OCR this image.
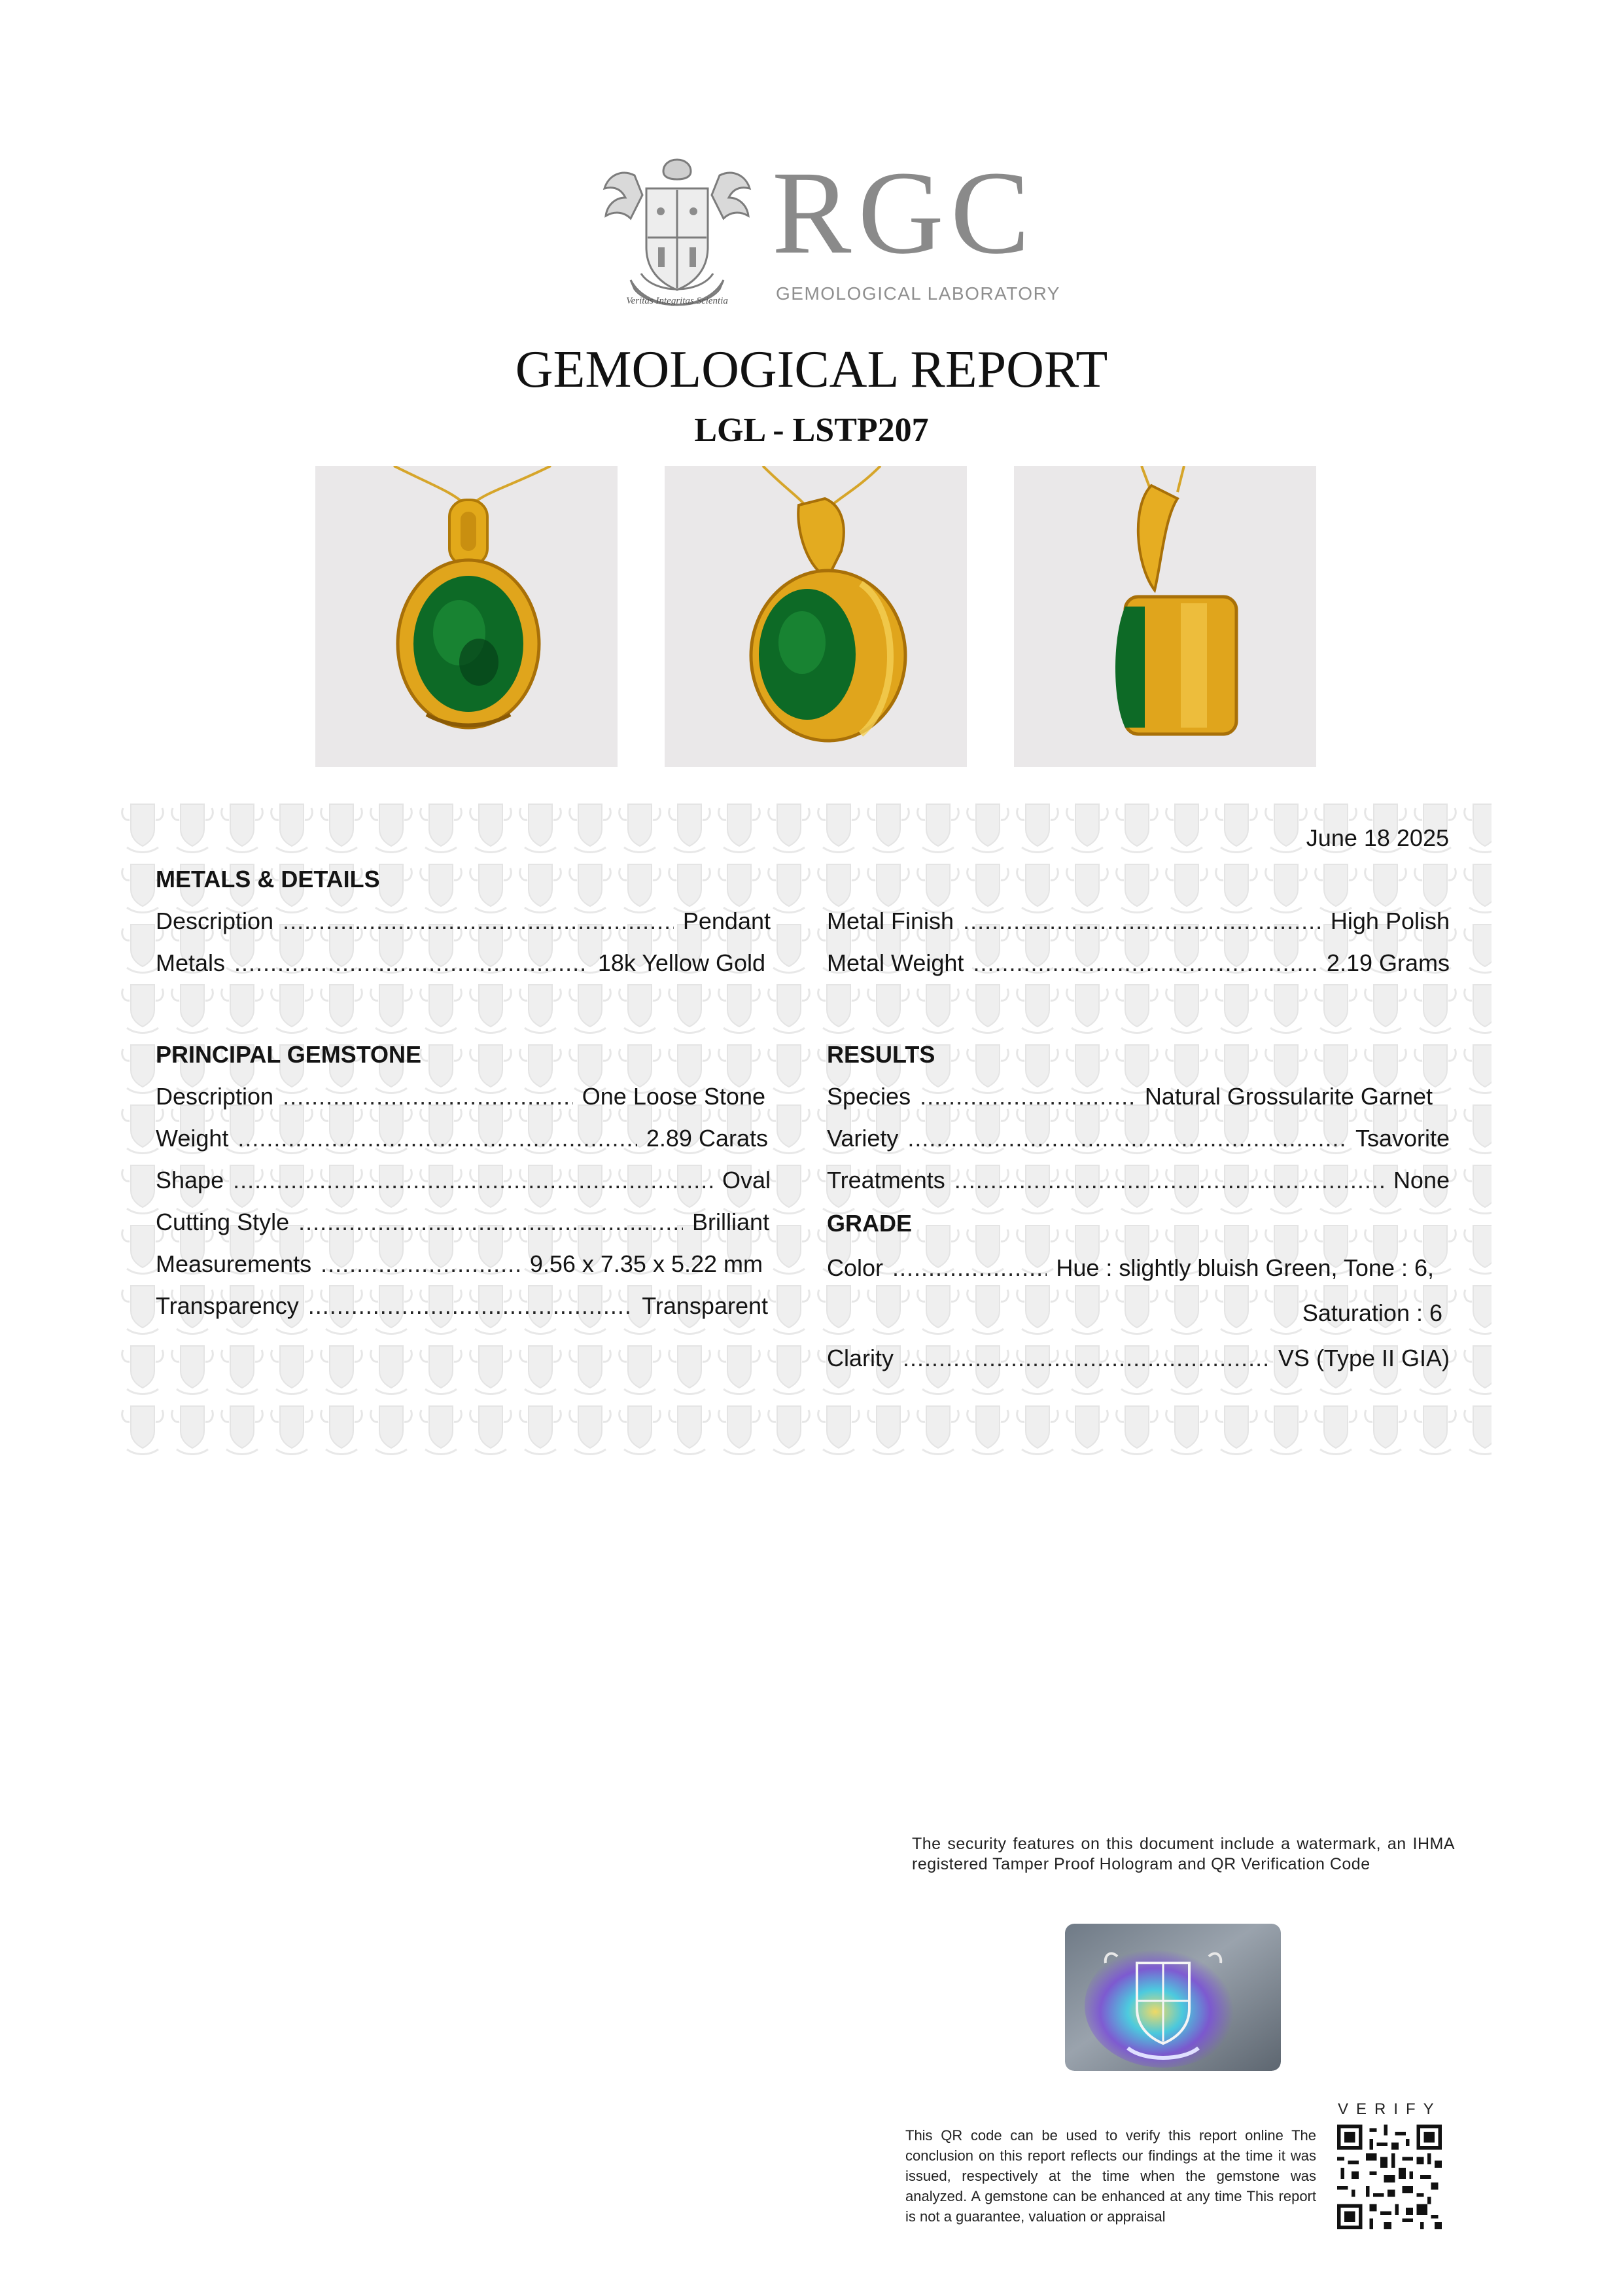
Veritas Integritas Scientia
RGC
GEMOLOGICAL LABORATORY
GEMOLOGICAL REPORT
LGL - LSTP207
June 18 2025
METALS & DETAILS
Description .....	Pendant
Metals .....	18k Yellow Gold
Metal Finish .....	High Polish
Metal Weight .....	2.19 Grams
PRINCIPAL GEMSTONE
Description .....	One Loose Stone
Weight .....	2.89 Carats
Shape .....	Oval
Cutting Style .....	Brilliant
Measurements .....	9.56 x 7.35 x 5.22 mm
Transparency .....	Transparent
RESULTS
Species .....	Natural Grossularite Garnet
Variety .....	Tsavorite
Treatments .....	None
GRADE
Color .....	Hue : slightly bluish Green, Tone : 6,
Saturation : 6
Clarity .....	VS (Type II GIA)
The security features on this document include a watermark, an IHMA registered Tamper Proof Hologram and QR Verification Code
VERIFY
This QR code can be used to verify this report online The conclusion on this report reflects our findings at the time it was issued, respectively at the time when the gemstone was analyzed. A gemstone can be enhanced at any time This report is not a guarantee, valuation or appraisal
